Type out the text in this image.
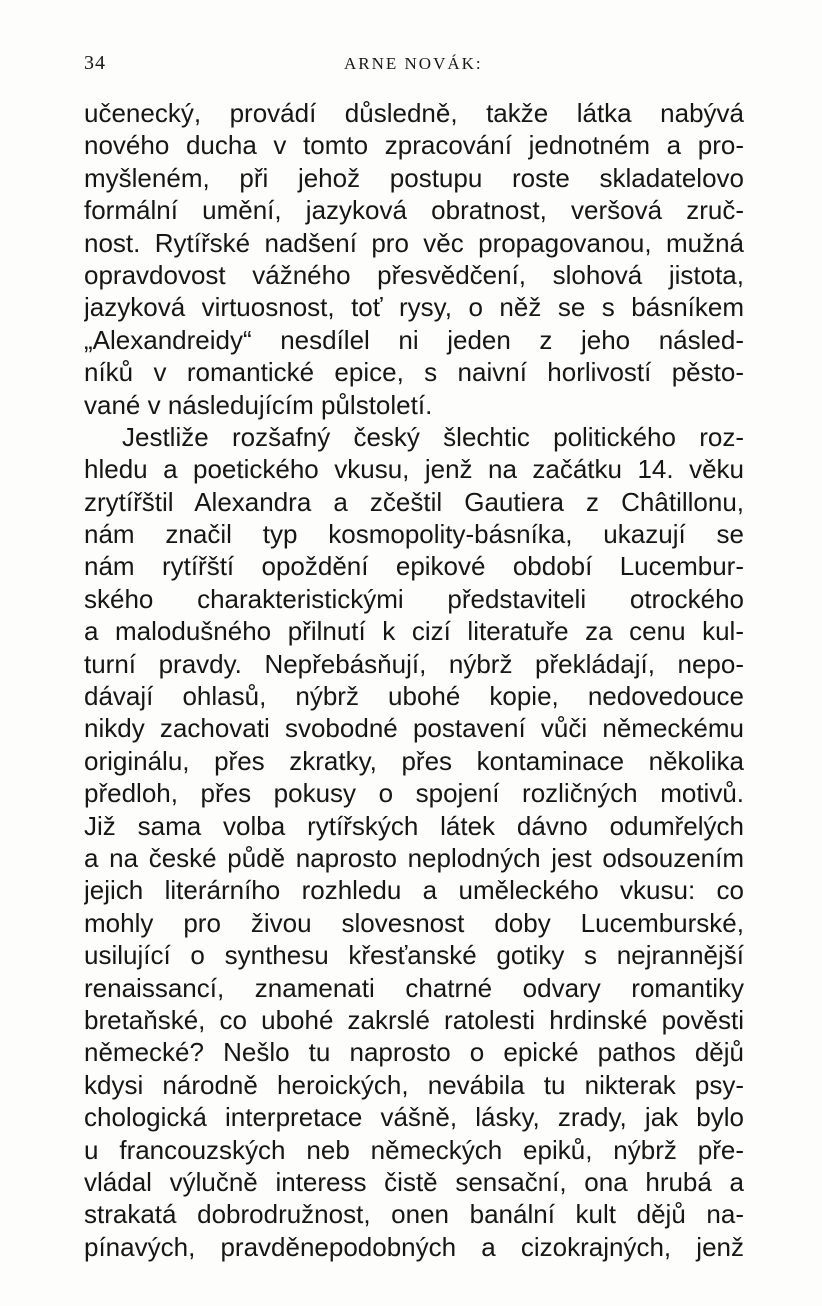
34	ARNE NOVÁK:
učenecký, provádí důsledně, takže látka nabývá
nového ducha v tomto zpracování jednotném a pro-
myšleném, při jehož postupu roste skladatelovo
formální umění, jazyková obratnost, veršová zruč-
nost. Rytířské nadšení pro věc propagovanou, mužná
opravdovost vážného přesvědčení, slohová jistota,
jazyková virtuosnost, toť rysy, o něž se s básníkem
„Alexandreidy“ nesdílel ni jeden z jeho násled-
níků v romantické epice, s naivní horlivostí pěsto-
vané v následujícím půlstoletí.
Jestliže rozšafný český šlechtic politického roz-
hledu a poetického vkusu, jenž na začátku 14. věku
zrytířštil Alexandra a zčeštil Gautiera z Châtillonu,
nám značil typ kosmopolity-básníka, ukazují se
nám rytířští opoždění epikové období Lucembur-
ského charakteristickými představiteli otrockého
a malodušného přilnutí k cizí literatuře za cenu kul-
turní pravdy. Nepřebásňují, nýbrž překládají, nepo-
dávají ohlasů, nýbrž ubohé kopie, nedovedouce
nikdy zachovati svobodné postavení vůči německému
originálu, přes zkratky, přes kontaminace několika
předloh, přes pokusy o spojení rozličných motivů.
Již sama volba rytířských látek dávno odumřelých
a na české půdě naprosto neplodných jest odsouzením
jejich literárního rozhledu a uměleckého vkusu: co
mohly pro živou slovesnost doby Lucemburské,
usilující o synthesu křesťanské gotiky s nejrannější
renaissancí, znamenati chatrné odvary romantiky
bretaňské, co ubohé zakrslé ratolesti hrdinské pověsti
německé? Nešlo tu naprosto o epické pathos dějů
kdysi národně heroických, nevábila tu nikterak psy-
chologická interpretace vášně, lásky, zrady, jak bylo
u francouzských neb německých epiků, nýbrž pře-
vládal výlučně interess čistě sensační, ona hrubá a
strakatá dobrodružnost, onen banální kult dějů na-
pínavých, pravděnepodobných a cizokrajných, jenž
